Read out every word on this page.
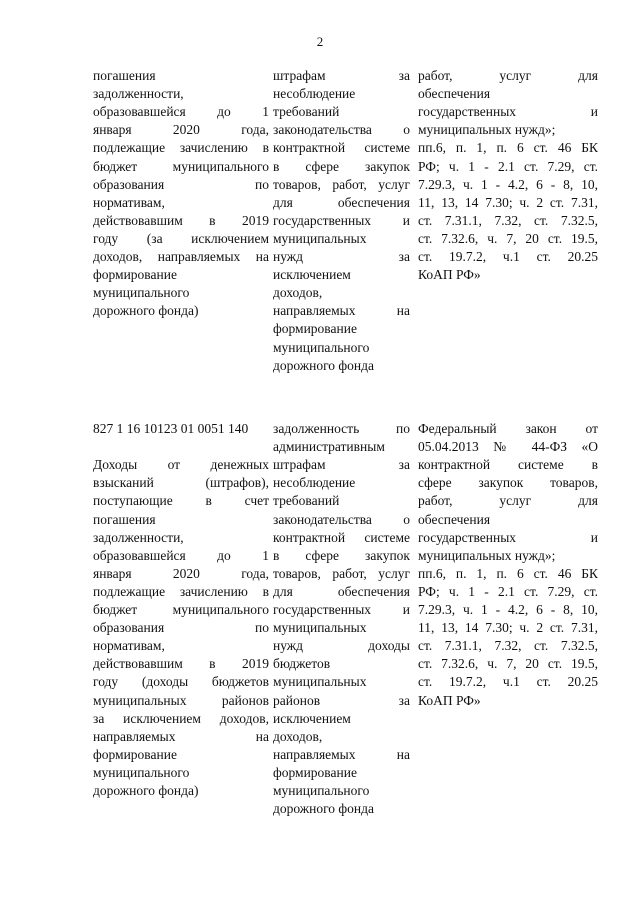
2
погашения
задолженности,
образовавшейся до 1
января 2020 года,
подлежащие зачислению в
бюджет муниципального
образования по
нормативам,
действовавшим в 2019
году (за исключением
доходов, направляемых на
формирование
муниципального
дорожного фонда)
штрафам за
несоблюдение
требований
законодательства о
контрактной системе
в сфере закупок
товаров, работ, услуг
для обеспечения
государственных и
муниципальных
нужд за
исключением
доходов,
направляемых на
формирование
муниципального
дорожного фонда
работ, услуг для
обеспечения
государственных и
муниципальных нужд»;
пп.6, п. 1, п. 6 ст. 46 БК
РФ; ч. 1 - 2.1 ст. 7.29, ст.
7.29.3, ч. 1 - 4.2, 6 - 8, 10,
11, 13, 14 7.30; ч. 2 ст. 7.31,
ст. 7.31.1, 7.32, ст. 7.32.5,
ст. 7.32.6, ч. 7, 20 ст. 19.5,
ст. 19.7.2, ч.1 ст. 20.25
КоАП РФ»
827 1 16 10123 01 0051 140
Доходы от денежных
взысканий (штрафов),
поступающие в счет
погашения
задолженности,
образовавшейся до 1
января 2020 года,
подлежащие зачислению в
бюджет муниципального
образования по
нормативам,
действовавшим в 2019
году (доходы бюджетов
муниципальных районов
за исключением доходов,
направляемых на
формирование
муниципального
дорожного фонда)
задолженность по
административным
штрафам за
несоблюдение
требований
законодательства о
контрактной системе
в сфере закупок
товаров, работ, услуг
для обеспечения
государственных и
муниципальных
нужд доходы
бюджетов
муниципальных
районов за
исключением
доходов,
направляемых на
формирование
муниципального
дорожного фонда
Федеральный закон от
05.04.2013 № 44-ФЗ «О
контрактной системе в
сфере закупок товаров,
работ, услуг для
обеспечения
государственных и
муниципальных нужд»;
пп.6, п. 1, п. 6 ст. 46 БК
РФ; ч. 1 - 2.1 ст. 7.29, ст.
7.29.3, ч. 1 - 4.2, 6 - 8, 10,
11, 13, 14 7.30; ч. 2 ст. 7.31,
ст. 7.31.1, 7.32, ст. 7.32.5,
ст. 7.32.6, ч. 7, 20 ст. 19.5,
ст. 19.7.2, ч.1 ст. 20.25
КоАП РФ»
